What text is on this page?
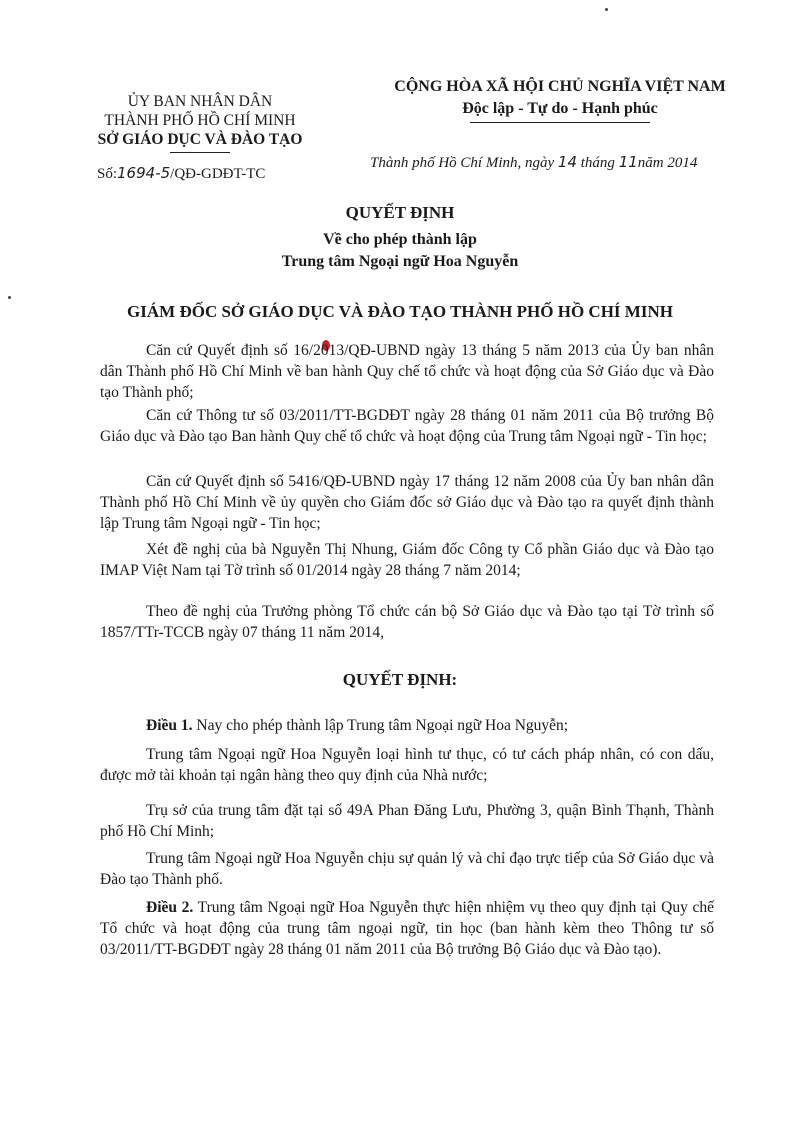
ỦY BAN NHÂN DÂN
THÀNH PHỐ HỒ CHÍ MINH
SỞ GIÁO DỤC VÀ ĐÀO TẠO
Số:1694-5/QĐ-GDĐT-TC
CỘNG HÒA XÃ HỘI CHỦ NGHĨA VIỆT NAM
Độc lập - Tự do - Hạnh phúc
Thành phố Hồ Chí Minh, ngày 14 tháng 11năm 2014
QUYẾT ĐỊNH
Về cho phép thành lập
Trung tâm Ngoại ngữ Hoa Nguyễn
GIÁM ĐỐC SỞ GIÁO DỤC VÀ ĐÀO TẠO THÀNH PHỐ HỒ CHÍ MINH
Căn cứ Quyết định số 16/2013/QĐ-UBND ngày 13 tháng 5 năm 2013 của Ủy ban nhân dân Thành phố Hồ Chí Minh về ban hành Quy chế tổ chức và hoạt động của Sở Giáo dục và Đào tạo Thành phố;
Căn cứ Thông tư số 03/2011/TT-BGDĐT ngày 28 tháng 01 năm 2011 của Bộ trưởng Bộ Giáo dục và Đào tạo Ban hành Quy chế tổ chức và hoạt động của Trung tâm Ngoại ngữ - Tin học;
Căn cứ Quyết định số 5416/QĐ-UBND ngày 17 tháng 12 năm 2008 của Ủy ban nhân dân Thành phố Hồ Chí Minh về ủy quyền cho Giám đốc sở Giáo dục và Đào tạo ra quyết định thành lập Trung tâm Ngoại ngữ - Tin học;
Xét đề nghị của bà Nguyễn Thị Nhung, Giám đốc Công ty Cổ phần Giáo dục và Đào tạo IMAP Việt Nam tại Tờ trình số 01/2014 ngày 28 tháng 7 năm 2014;
Theo đề nghị của Trưởng phòng Tổ chức cán bộ Sở Giáo dục và Đào tạo tại Tờ trình số 1857/TTr-TCCB ngày 07 tháng 11 năm 2014,
QUYẾT ĐỊNH:
Điều 1. Nay cho phép thành lập Trung tâm Ngoại ngữ Hoa Nguyễn;
Trung tâm Ngoại ngữ Hoa Nguyễn loại hình tư thục, có tư cách pháp nhân, có con dấu, được mở tài khoản tại ngân hàng theo quy định của Nhà nước;
Trụ sở của trung tâm đặt tại số 49A Phan Đăng Lưu, Phường 3, quận Bình Thạnh, Thành phố Hồ Chí Minh;
Trung tâm Ngoại ngữ Hoa Nguyễn chịu sự quản lý và chỉ đạo trực tiếp của Sở Giáo dục và Đào tạo Thành phố.
Điều 2. Trung tâm Ngoại ngữ Hoa Nguyễn thực hiện nhiệm vụ theo quy định tại Quy chế Tổ chức và hoạt động của trung tâm ngoại ngữ, tin học (ban hành kèm theo Thông tư số 03/2011/TT-BGDĐT ngày 28 tháng 01 năm 2011 của Bộ trưởng Bộ Giáo dục và Đào tạo).
